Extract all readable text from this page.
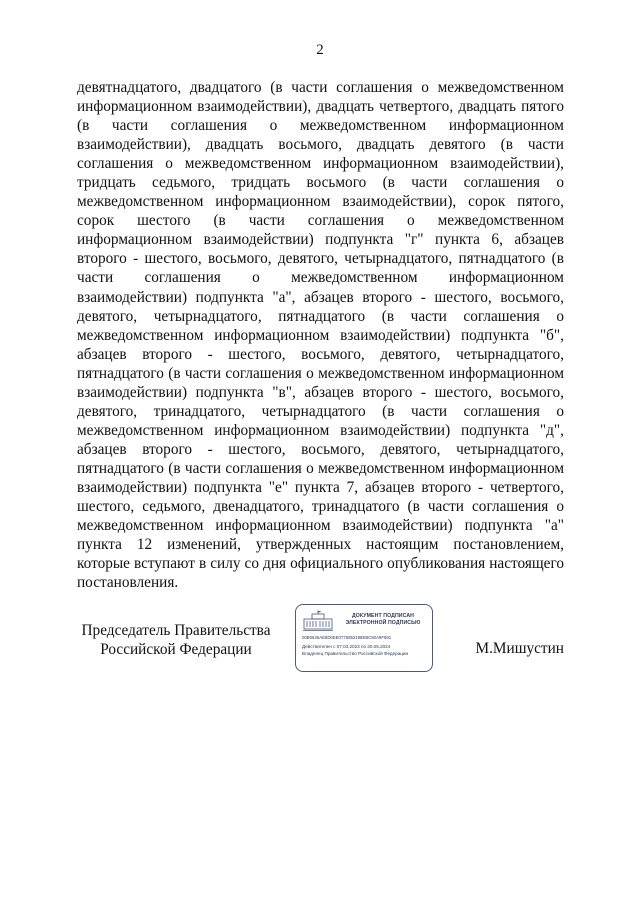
2

девятнадцатого, двадцатого (в части соглашения о межведомственном информационном взаимодействии), двадцать четвертого, двадцать пятого (в части соглашения о межведомственном информационном взаимодействии), двадцать восьмого, двадцать девятого (в части соглашения о межведомственном информационном взаимодействии), тридцать седьмого, тридцать восьмого (в части соглашения о межведомственном информационном взаимодействии), сорок пятого, сорок шестого (в части соглашения о межведомственном информационном взаимодействии) подпункта "г" пункта 6, абзацев второго - шестого, восьмого, девятого, четырнадцатого, пятнадцатого (в части соглашения о межведомственном информационном взаимодействии) подпункта "а", абзацев второго - шестого, восьмого, девятого, четырнадцатого, пятнадцатого (в части соглашения о межведомственном информационном взаимодействии) подпункта "б", абзацев второго - шестого, восьмого, девятого, четырнадцатого, пятнадцатого (в части соглашения о межведомственном информационном взаимодействии) подпункта "в", абзацев второго - шестого, восьмого, девятого, тринадцатого, четырнадцатого (в части соглашения о межведомственном информационном взаимодействии) подпункта "д", абзацев второго - шестого, восьмого, девятого, четырнадцатого, пятнадцатого (в части соглашения о межведомственном информационном взаимодействии) подпункта "е" пункта 7, абзацев второго - четвертого, шестого, седьмого, двенадцатого, тринадцатого (в части соглашения о межведомственном информационном взаимодействии) подпункта "а" пункта 12 изменений, утвержденных настоящим постановлением, которые вступают в силу со дня официального опубликования настоящего постановления.

Председатель Правительства
Российской Федерации
ДОКУМЕНТ ПОДПИСАН
ЭЛЕКТРОННОЙ ПОДПИСЬЮ
00B0636AE8D0EE0775952198EBC80A9F891
Действителен с 07.03.2023 по 30.05.2024
Владелец Правительство Российской Федерации	М.Мишустин
